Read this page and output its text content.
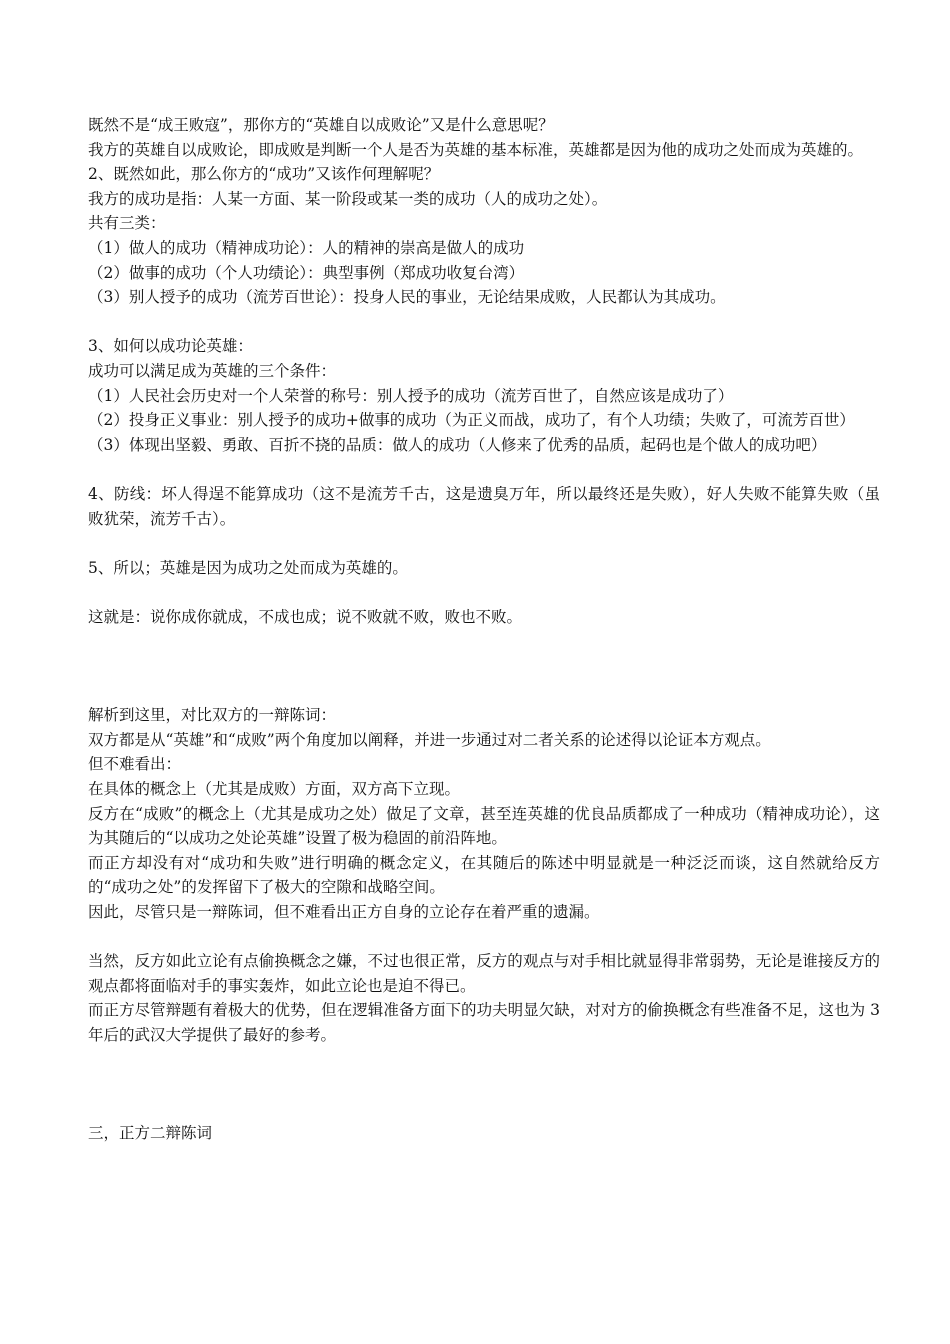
既然不是“成王败寇”，那你方的“英雄自以成败论”又是什么意思呢？

我方的英雄自以成败论，即成败是判断一个人是否为英雄的基本标准，英雄都是因为他的成功之处而成为英雄的。

2、既然如此，那么你方的“成功”又该作何理解呢？

我方的成功是指：人某一方面、某一阶段或某一类的成功（人的成功之处）。

共有三类：

（1）做人的成功（精神成功论）：人的精神的崇高是做人的成功

（2）做事的成功（个人功绩论）：典型事例（郑成功收复台湾）

（3）别人授予的成功（流芳百世论）：投身人民的事业，无论结果成败，人民都认为其成功。

3、如何以成功论英雄：

成功可以满足成为英雄的三个条件：

（1）人民社会历史对一个人荣誉的称号：别人授予的成功（流芳百世了，自然应该是成功了）

（2）投身正义事业：别人授予的成功+做事的成功（为正义而战，成功了，有个人功绩；失败了，可流芳百世）

（3）体现出坚毅、勇敢、百折不挠的品质：做人的成功（人修来了优秀的品质，起码也是个做人的成功吧）

4、防线：坏人得逞不能算成功（这不是流芳千古，这是遗臭万年，所以最终还是失败），好人失败不能算失败（虽败犹荣，流芳千古）。

5、所以；英雄是因为成功之处而成为英雄的。

这就是：说你成你就成，不成也成；说不败就不败，败也不败。

解析到这里，对比双方的一辩陈词：

双方都是从“英雄”和“成败”两个角度加以阐释，并进一步通过对二者关系的论述得以论证本方观点。

但不难看出：

在具体的概念上（尤其是成败）方面，双方高下立现。

反方在“成败”的概念上（尤其是成功之处）做足了文章，甚至连英雄的优良品质都成了一种成功（精神成功论），这为其随后的“以成功之处论英雄”设置了极为稳固的前沿阵地。

而正方却没有对“成功和失败”进行明确的概念定义，在其随后的陈述中明显就是一种泛泛而谈，这自然就给反方的“成功之处”的发挥留下了极大的空隙和战略空间。

因此，尽管只是一辩陈词，但不难看出正方自身的立论存在着严重的遗漏。

当然，反方如此立论有点偷换概念之嫌，不过也很正常，反方的观点与对手相比就显得非常弱势，无论是谁接反方的观点都将面临对手的事实轰炸，如此立论也是迫不得已。

而正方尽管辩题有着极大的优势，但在逻辑准备方面下的功夫明显欠缺，对对方的偷换概念有些准备不足，这也为 3 年后的武汉大学提供了最好的参考。

三，正方二辩陈词
